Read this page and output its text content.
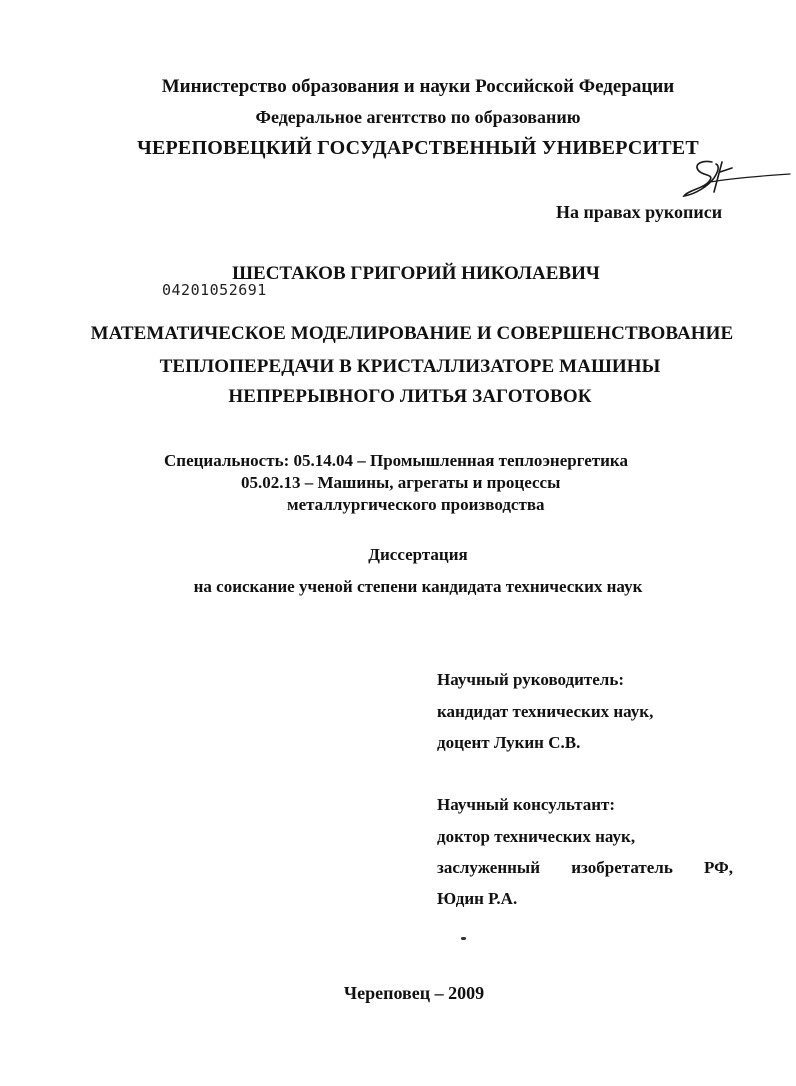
Министерство образования и науки Российской Федерации
Федеральное агентство по образованию
ЧЕРЕПОВЕЦКИЙ ГОСУДАРСТВЕННЫЙ УНИВЕРСИТЕТ
На правах рукописи
ШЕСТАКОВ ГРИГОРИЙ НИКОЛАЕВИЧ
04201052691
МАТЕМАТИЧЕСКОЕ МОДЕЛИРОВАНИЕ И СОВЕРШЕНСТВОВАНИЕ
ТЕПЛОПЕРЕДАЧИ В КРИСТАЛЛИЗАТОРЕ МАШИНЫ
НЕПРЕРЫВНОГО ЛИТЬЯ ЗАГОТОВОК
Специальность: 05.14.04 – Промышленная теплоэнергетика
05.02.13 – Машины, агрегаты и процессы
металлургического производства
Диссертация
на соискание ученой степени кандидата технических наук
Научный руководитель:
кандидат технических наук,
доцент Лукин С.В.
Научный консультант:
доктор технических наук,
заслуженный изобретатель РФ,
Юдин Р.А.
Череповец – 2009
